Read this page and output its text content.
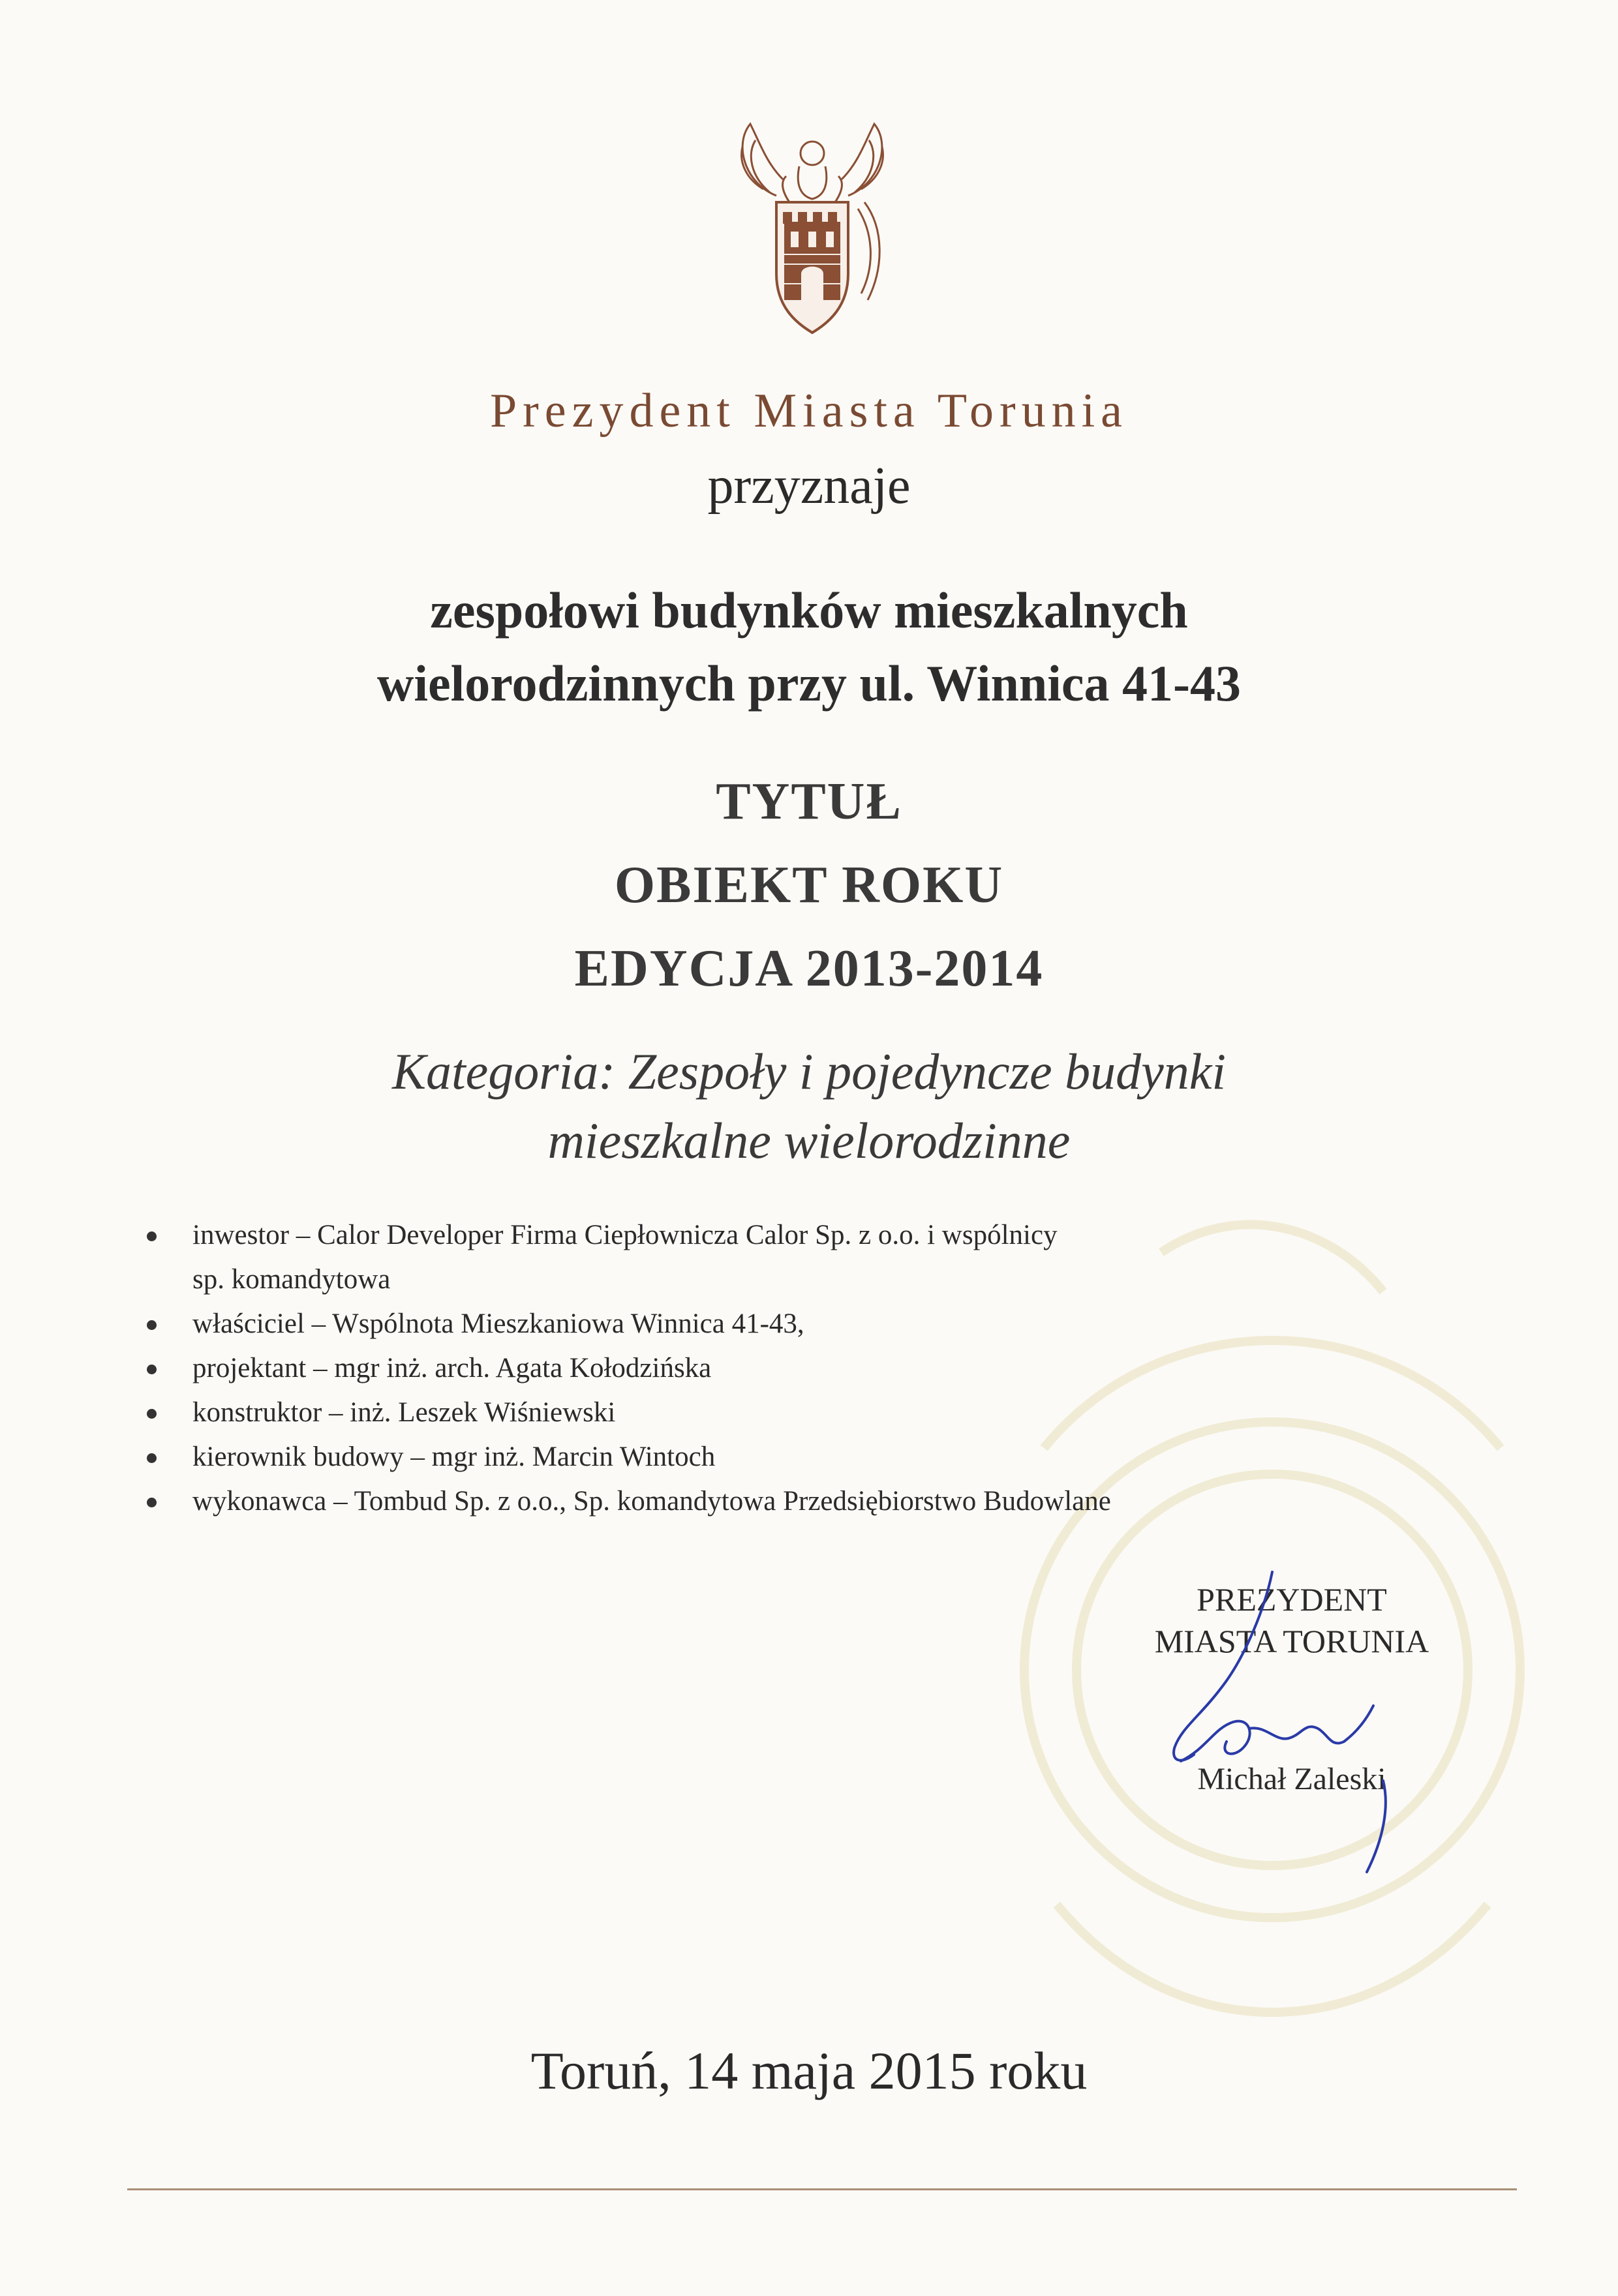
Prezydent Miasta Torunia
przyznaje
zespołowi budynków mieszkalnych
wielorodzinnych przy ul. Winnica 41-43
TYTUŁ
OBIEKT ROKU
EDYCJA 2013-2014
Kategoria: Zespoły i pojedyncze budynki
mieszkalne wielorodzinne
inwestor – Calor Developer Firma Ciepłownicza Calor Sp. z o.o. i wspólnicy
sp. komandytowa
właściciel – Wspólnota Mieszkaniowa Winnica 41-43,
projektant – mgr inż. arch. Agata Kołodzińska
konstruktor – inż. Leszek Wiśniewski
kierownik budowy – mgr inż. Marcin Wintoch
wykonawca – Tombud Sp. z o.o., Sp. komandytowa Przedsiębiorstwo Budowlane
PREZYDENT
MIASTA TORUNIA
Michał Zaleski
Toruń, 14 maja 2015 roku
